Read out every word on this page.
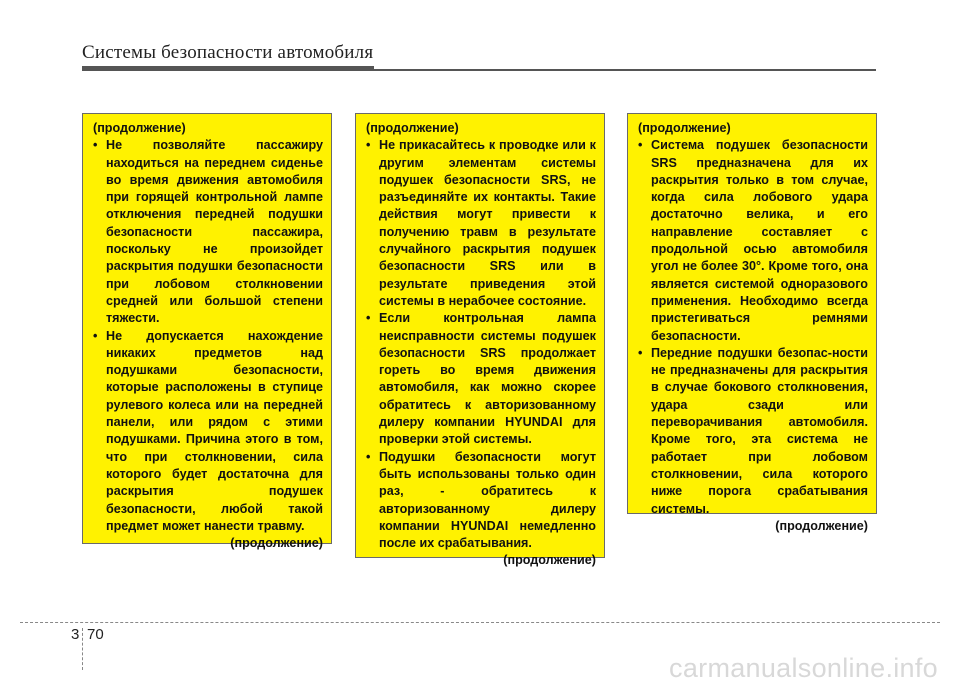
Системы безопасности автомобиля
(продолжение)
• Не позволяйте пассажиру находиться на переднем сиденье во время движения автомобиля при горящей контрольной лампе отключения передней подушки безопасности пассажира, поскольку не произойдет раскрытия подушки безопасности при лобовом столкновении средней или большой степени тяжести.
• Не допускается нахождение никаких предметов над подушками безопасности, которые расположены в ступице рулевого колеса или на передней панели, или рядом с этими подушками. Причина этого в том, что при столкновении, сила которого будет достаточна для раскрытия подушек безопасности, любой такой предмет может нанести травму.
(продолжение)
(продолжение)
• Не прикасайтесь к проводке или к другим элементам системы подушек безопасности SRS, не разъединяйте их контакты. Такие действия могут привести к получению травм в результате случайного раскрытия подушек безопасности SRS или в результате приведения этой системы в нерабочее состояние.
• Если контрольная лампа неисправности системы подушек безопасности SRS продолжает гореть во время движения автомобиля, как можно скорее обратитесь к авторизованному дилеру компании HYUNDAI для проверки этой системы.
• Подушки безопасности могут быть использованы только один раз, - обратитесь к авторизованному дилеру компании HYUNDAI немедленно после их срабатывания.
(продолжение)
(продолжение)
• Система подушек безопасности SRS предназначена для их раскрытия только в том случае, когда сила лобового удара достаточно велика, и его направление составляет с продольной осью автомобиля угол не более 30°. Кроме того, она является системой одноразового применения. Необходимо всегда пристегиваться ремнями безопасности.
• Передние подушки безопас-ности не предназначены для раскрытия в случае бокового столкновения, удара сзади или переворачивания автомобиля. Кроме того, эта система не работает при лобовом столкновении, сила которого ниже порога срабатывания системы.
(продолжение)
3 70
carmanualsonline.info
